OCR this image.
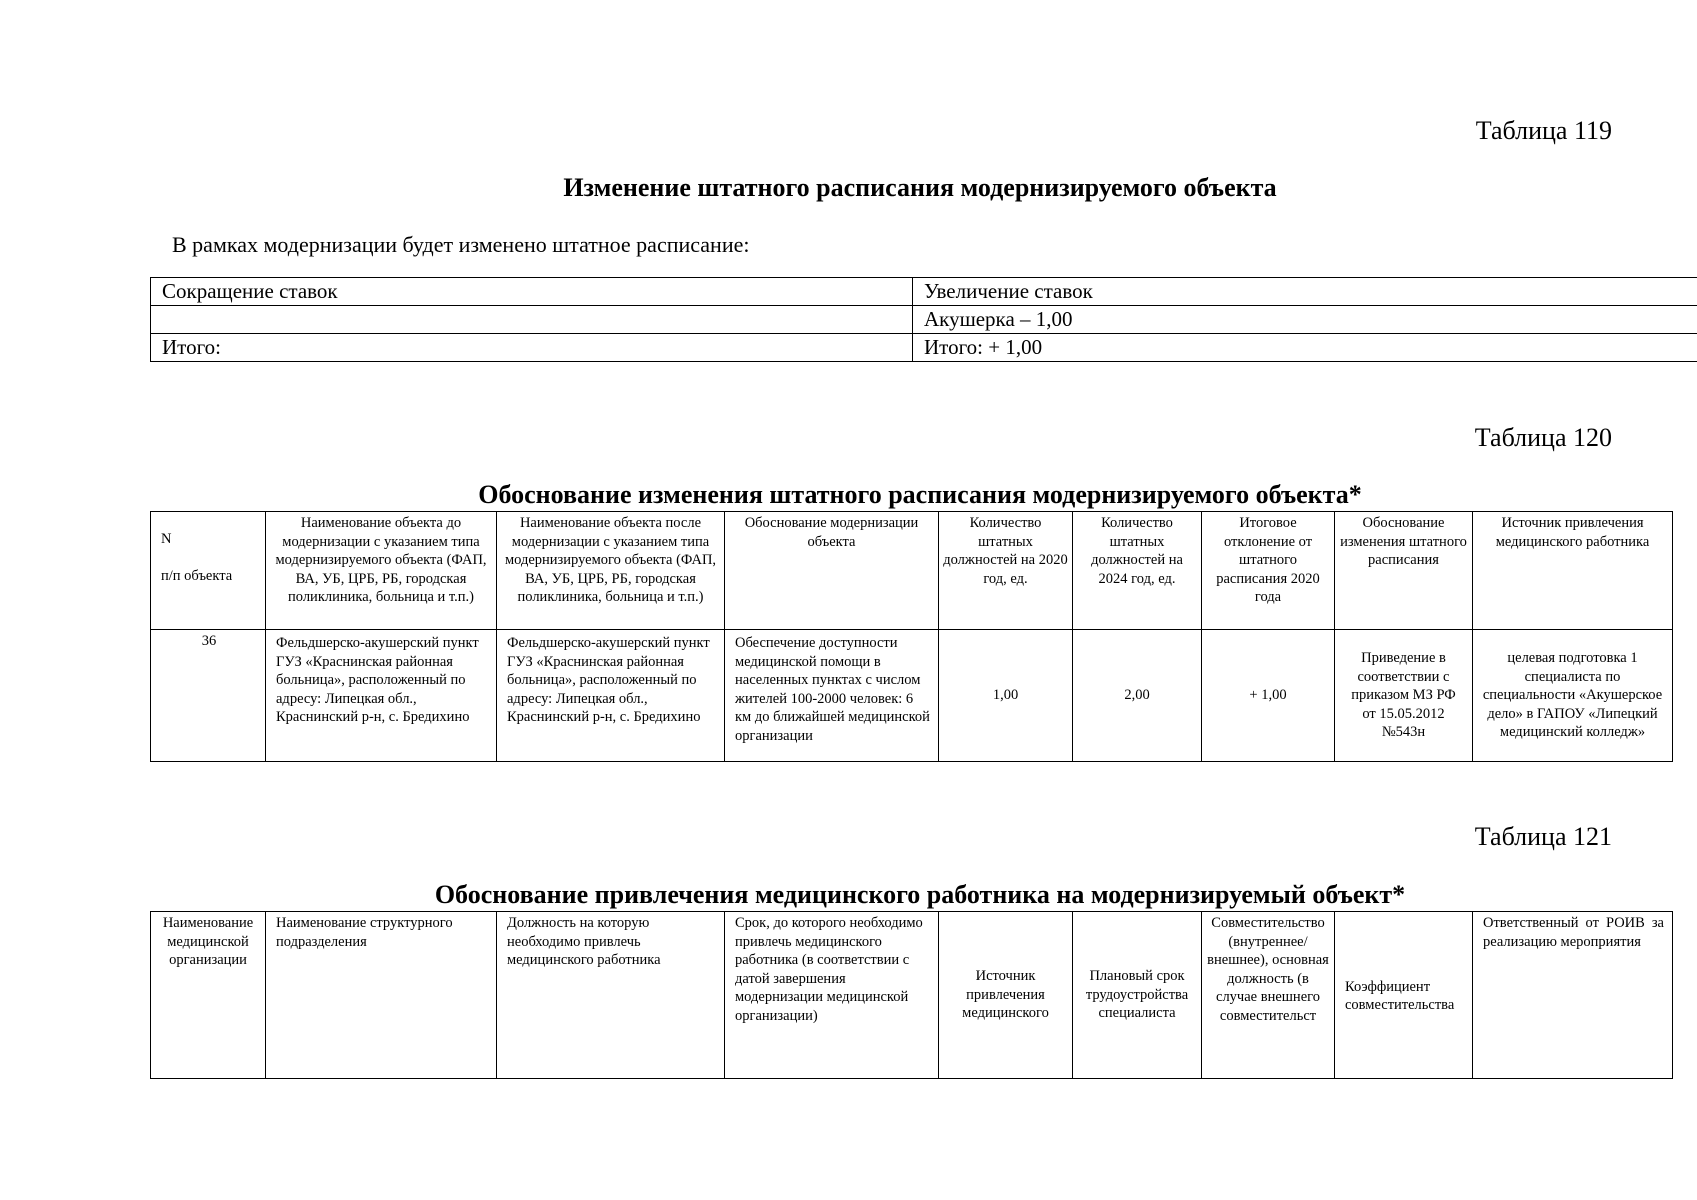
Таблица 119
Изменение штатного расписания модернизируемого объекта
В рамках модернизации будет изменено штатное расписание:
Сокращение ставок	Увеличение ставок
	Акушерка – 1,00
Итого:	Итого: + 1,00
Таблица 120
Обоснование изменения штатного расписания модернизируемого объекта*
N
п/п объекта	Наименование объекта до модернизации с указанием типа модернизируемого объекта (ФАП, ВА, УБ, ЦРБ, РБ, городская поликлиника, больница и т.п.)	Наименование объекта после модернизации с указанием типа модернизируемого объекта (ФАП, ВА, УБ, ЦРБ, РБ, городская поликлиника, больница и т.п.)	Обоснование модернизации объекта	Количество штатных должностей на 2020 год, ед.	Количество штатных должностей на 2024 год, ед.	Итоговое отклонение от штатного расписания 2020 года	Обоснование изменения штатного расписания	Источник привлечения медицинского работника
36	Фельдшерско-акушерский пункт ГУЗ «Краснинская районная больница», расположенный по адресу: Липецкая обл., Краснинский р-н, с. Бредихино	Фельдшерско-акушерский пункт ГУЗ «Краснинская районная больница», расположенный по адресу: Липецкая обл., Краснинский р-н, с. Бредихино	Обеспечение доступности медицинской помощи в населенных пунктах с числом жителей 100-2000 человек: 6 км до ближайшей медицинской организации	1,00	2,00	+ 1,00	Приведение в соответствии с приказом МЗ РФ от 15.05.2012 №543н	целевая подготовка 1 специалиста по специальности «Акушерское дело» в ГАПОУ «Липецкий медицинский колледж»
Таблица 121
Обоснование привлечения медицинского работника на модернизируемый объект*
Наименование медицинской организации	Наименование структурного подразделения	Должность на которую необходимо привлечь медицинского работника	Срок, до которого необходимо привлечь медицинского работника (в соответствии с датой завершения модернизации медицинской организации)	Источник привлечения медицинского	Плановый срок трудоустройства специалиста	Совместительство (внутреннее/внешнее), основная должность (в случае внешнего совместительст	Коэффициент совместительства	Ответственный от РОИВ за реализацию мероприятия
